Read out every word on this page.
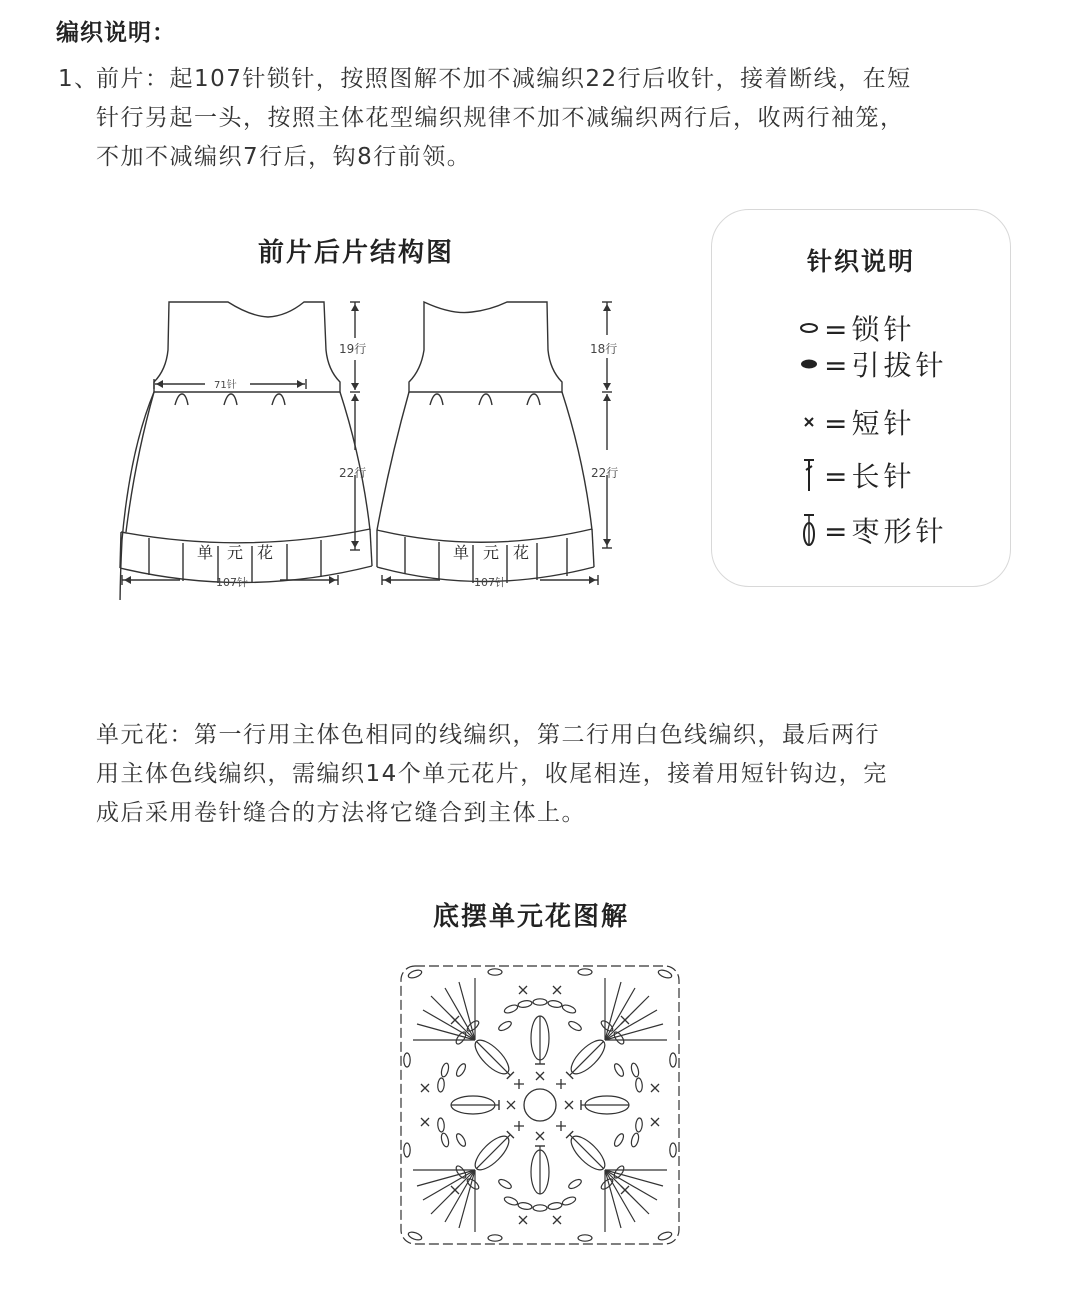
编织说明：
1、前片：起107针锁针，按照图解不加不减编织22行后收针，接着断线，在短
针行另起一头，按照主体花型编织规律不加不减编织两行后，收两行袖笼，
不加不减编织7行后，钩8行前领。
前片后片结构图
71针
19行
22行
107针
单 元 花
18行
22行
107针
单 元 花
针织说明
=锁针
=引拔针
=短针
=长针
=枣形针
单元花：第一行用主体色相同的线编织，第二行用白色线编织，最后两行
用主体色线编织，需编织14个单元花片，收尾相连，接着用短针钩边，完
成后采用卷针缝合的方法将它缝合到主体上。
底摆单元花图解
